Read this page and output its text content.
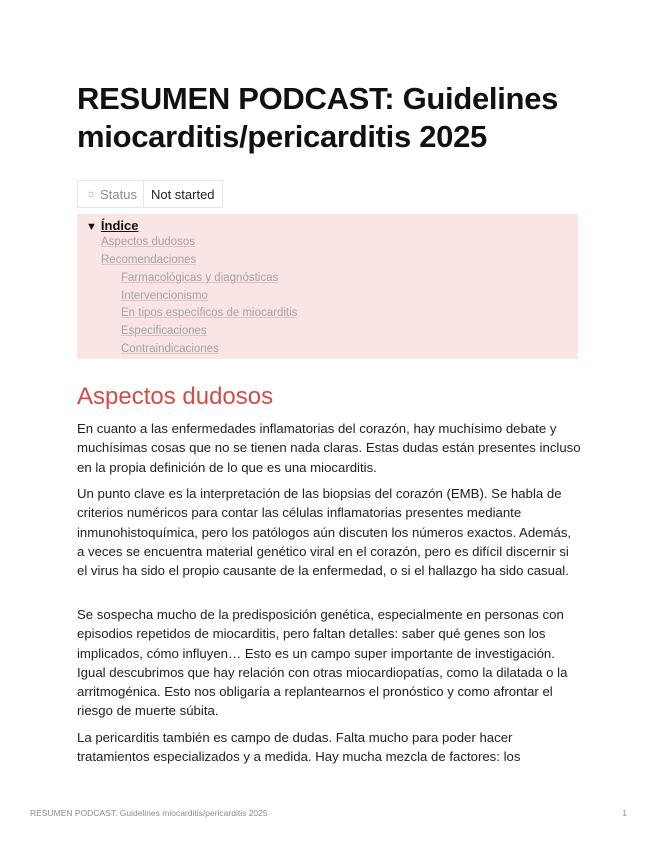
RESUMEN PODCAST: Guidelines miocarditis/pericarditis 2025
☼ Status	Not started
▼ Índice
Aspectos dudosos
Recomendaciones
Farmacológicas y diagnósticas
Intervencionismo
En tipos específicos de miocarditis
Especificaciones
Contraindicaciones
Aspectos dudosos

En cuanto a las enfermedades inflamatorias del corazón, hay muchísimo debate y muchísimas cosas que no se tienen nada claras. Estas dudas están presentes incluso en la propia definición de lo que es una miocarditis.

Un punto clave es la interpretación de las biopsias del corazón (EMB). Se habla de criterios numéricos para contar las células inflamatorias presentes mediante inmunohistoquímica, pero los patólogos aún discuten los números exactos. Además, a veces se encuentra material genético viral en el corazón, pero es difícil discernir si el virus ha sido el propio causante de la enfermedad, o si el hallazgo ha sido casual.

Se sospecha mucho de la predisposición genética, especialmente en personas con episodios repetidos de miocarditis, pero faltan detalles: saber qué genes son los implicados, cómo influyen… Esto es un campo super importante de investigación. Igual descubrimos que hay relación con otras miocardiopatías, como la dilatada o la arritmogénica. Esto nos obligaría a replantearnos el pronóstico y como afrontar el riesgo de muerte súbita.

La pericarditis también es campo de dudas. Falta mucho para poder hacer tratamientos especializados y a medida. Hay mucha mezcla de factores: los

RESUMEN PODCAST: Guidelines miocarditis/pericarditis 2025	1
